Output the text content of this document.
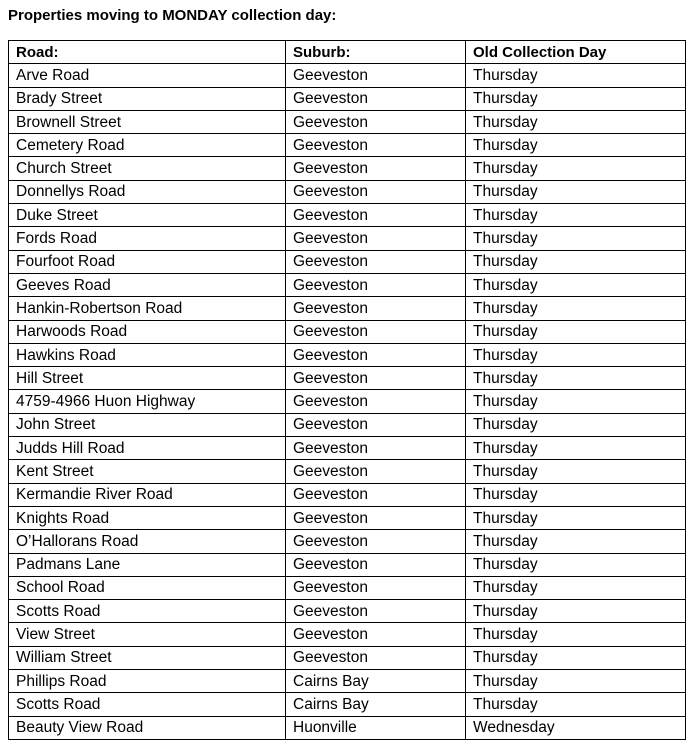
Properties moving to MONDAY collection day:
Road:	Suburb:	Old Collection Day
Arve Road	Geeveston	Thursday
Brady Street	Geeveston	Thursday
Brownell Street	Geeveston	Thursday
Cemetery Road	Geeveston	Thursday
Church Street	Geeveston	Thursday
Donnellys Road	Geeveston	Thursday
Duke Street	Geeveston	Thursday
Fords Road	Geeveston	Thursday
Fourfoot Road	Geeveston	Thursday
Geeves Road	Geeveston	Thursday
Hankin-Robertson Road	Geeveston	Thursday
Harwoods Road	Geeveston	Thursday
Hawkins Road	Geeveston	Thursday
Hill Street	Geeveston	Thursday
4759-4966 Huon Highway	Geeveston	Thursday
John Street	Geeveston	Thursday
Judds Hill Road	Geeveston	Thursday
Kent Street	Geeveston	Thursday
Kermandie River Road	Geeveston	Thursday
Knights Road	Geeveston	Thursday
O’Hallorans Road	Geeveston	Thursday
Padmans Lane	Geeveston	Thursday
School Road	Geeveston	Thursday
Scotts Road	Geeveston	Thursday
View Street	Geeveston	Thursday
William Street	Geeveston	Thursday
Phillips Road	Cairns Bay	Thursday
Scotts Road	Cairns Bay	Thursday
Beauty View Road	Huonville	Wednesday
